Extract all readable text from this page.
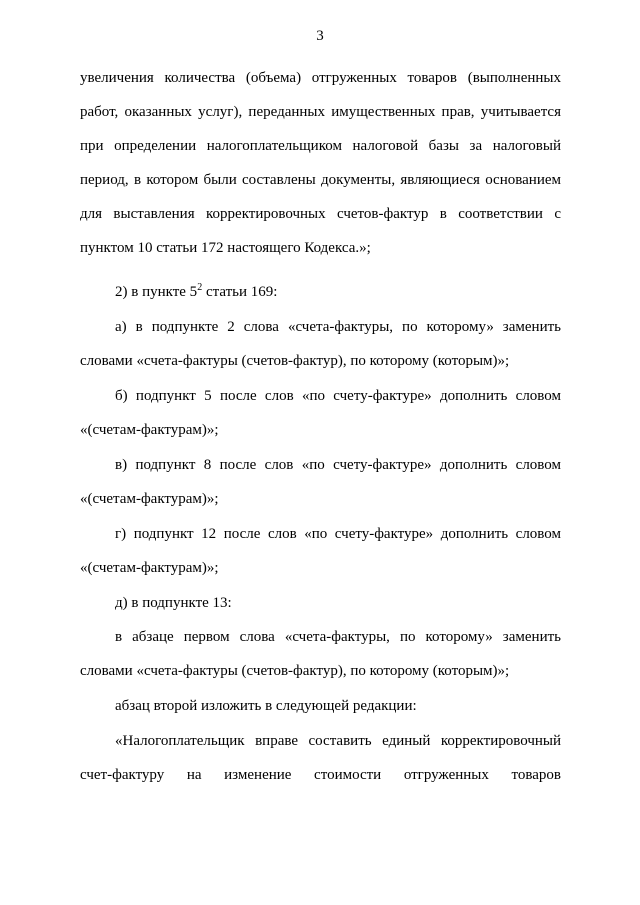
3
увеличения количества (объема) отгруженных товаров (выполненных
работ, оказанных услуг), переданных имущественных прав, учитывается
при определении налогоплательщиком налоговой базы за налоговый
период, в котором были составлены документы, являющиеся основанием
для выставления корректировочных счетов-фактур в соответствии с
пунктом 10 статьи 172 настоящего Кодекса.»;
2) в пункте $5^2$ статьи 169:
а) в подпункте 2 слова «счета-фактуры, по которому» заменить
словами «счета-фактуры (счетов-фактур), по которому (которым)»;
б) подпункт 5 после слов «по счету-фактуре» дополнить словом
«(счетам-фактурам)»;
в) подпункт 8 после слов «по счету-фактуре» дополнить словом
«(счетам-фактурам)»;
г) подпункт 12 после слов «по счету-фактуре» дополнить словом
«(счетам-фактурам)»;
д) в подпункте 13:
в абзаце первом слова «счета-фактуры, по которому» заменить
словами «счета-фактуры (счетов-фактур), по которому (которым)»;
абзац второй изложить в следующей редакции:
«Налогоплательщик вправе составить единый корректировочный
счет-фактуру на изменение стоимости отгруженных товаров
